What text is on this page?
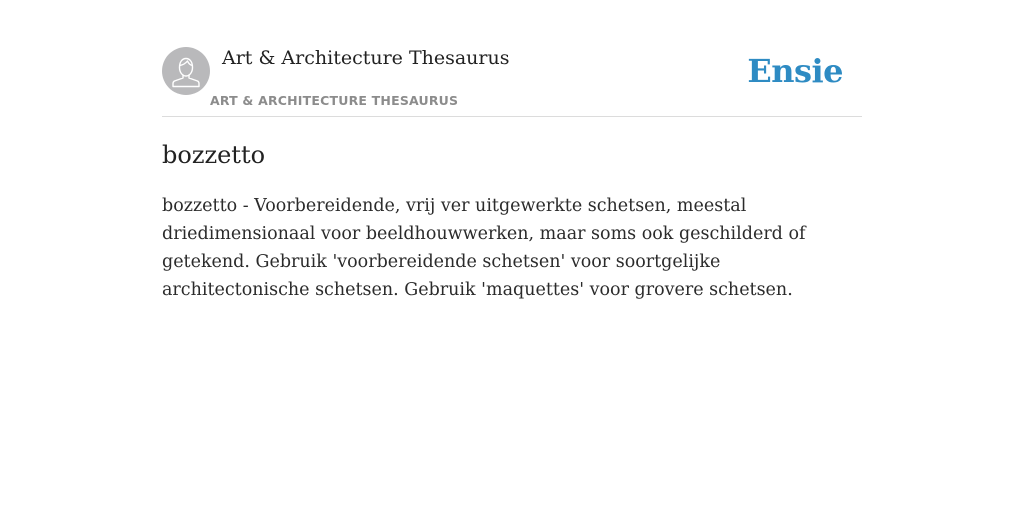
Art & Architecture Thesaurus
ART & ARCHITECTURE THESAURUS
Ensie
bozzetto

bozzetto - Voorbereidende, vrij ver uitgewerkte schetsen, meestal driedimensionaal voor beeldhouwwerken, maar soms ook geschilderd of getekend. Gebruik 'voorbereidende schetsen' voor soortgelijke architectonische schetsen. Gebruik 'maquettes' voor grovere schetsen.
